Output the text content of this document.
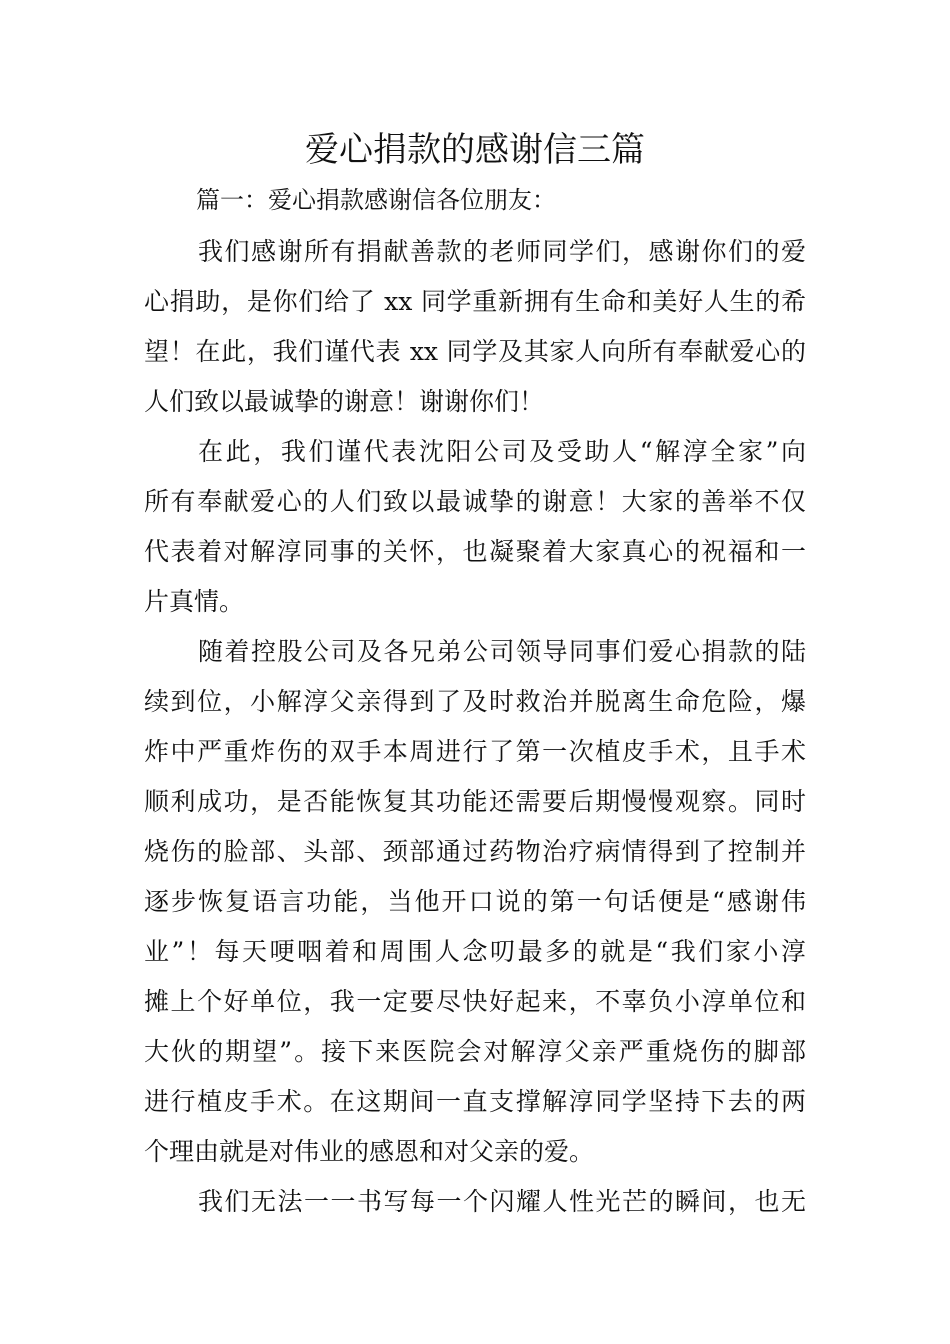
爱心捐款的感谢信三篇

篇一：爱心捐款感谢信各位朋友：

我们感谢所有捐献善款的老师同学们，感谢你们的爱
心捐助，是你们给了 xx 同学重新拥有生命和美好人生的希
望！在此，我们谨代表 xx 同学及其家人向所有奉献爱心的
人们致以最诚挚的谢意！谢谢你们！
在此，我们谨代表沈阳公司及受助人“解淳全家”向
所有奉献爱心的人们致以最诚挚的谢意！大家的善举不仅
代表着对解淳同事的关怀，也凝聚着大家真心的祝福和一
片真情。
随着控股公司及各兄弟公司领导同事们爱心捐款的陆
续到位，小解淳父亲得到了及时救治并脱离生命危险，爆
炸中严重炸伤的双手本周进行了第一次植皮手术，且手术
顺利成功，是否能恢复其功能还需要后期慢慢观察。同时
烧伤的脸部、头部、颈部通过药物治疗病情得到了控制并
逐步恢复语言功能，当他开口说的第一句话便是“感谢伟
业”！每天哽咽着和周围人念叨最多的就是“我们家小淳
摊上个好单位，我一定要尽快好起来，不辜负小淳单位和
大伙的期望”。接下来医院会对解淳父亲严重烧伤的脚部
进行植皮手术。在这期间一直支撑解淳同学坚持下去的两
个理由就是对伟业的感恩和对父亲的爱。
我们无法一一书写每一个闪耀人性光芒的瞬间，也无
